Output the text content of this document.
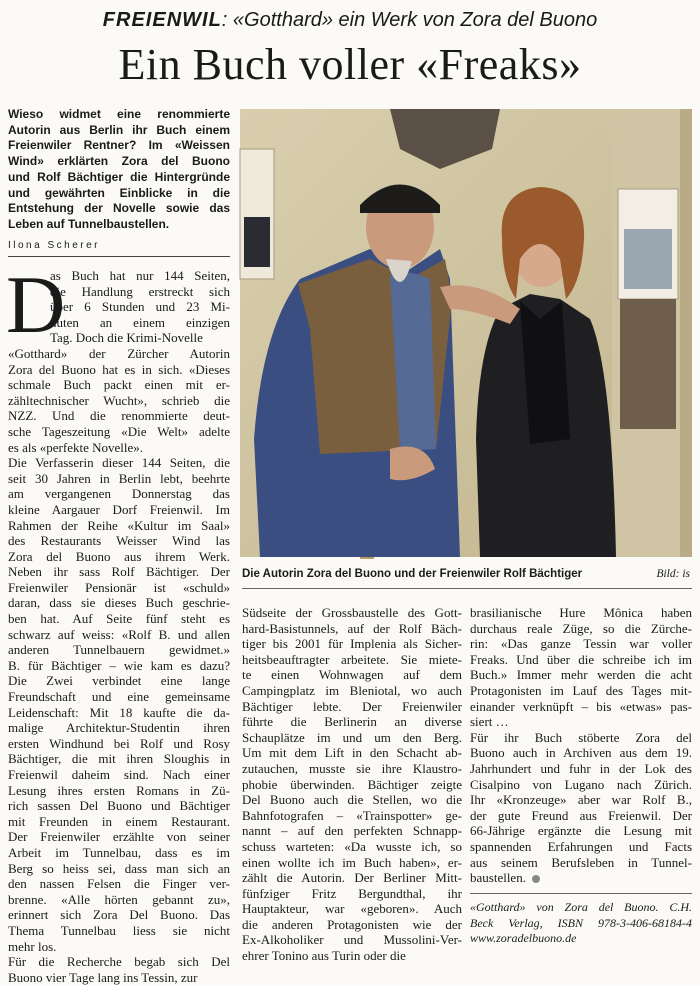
FREIENWIL: «Gotthard» ein Werk von Zora del Buono
Ein Buch voller «Freaks»
Wieso widmet eine renommierte
Autorin aus Berlin ihr Buch einem
Freienwiler Rentner? Im «Weissen
Wind» erklärten Zora del Buono
und Rolf Bächtiger die Hintergründe
und gewährten Einblicke in die
Entstehung der Novelle sowie das
Leben auf Tunnelbaustellen.
Ilona Scherer
D
as Buch hat nur 144 Seiten,
die Handlung erstreckt sich
über 6 Stunden und 23 Mi-
nuten an einem einzigen
Tag. Doch die Krimi-Novelle
«Gotthard» der Zürcher Autorin
Zora del Buono hat es in sich. «Dieses
schmale Buch packt einen mit er-
zähltechnischer Wucht», schrieb die
NZZ. Und die renommierte deut-
sche Tageszeitung «Die Welt» adelte
es als «perfekte Novelle».
Die Verfasserin dieser 144 Seiten, die
seit 30 Jahren in Berlin lebt, beehrte
am vergangenen Donnerstag das
kleine Aargauer Dorf Freienwil. Im
Rahmen der Reihe «Kultur im Saal»
des Restaurants Weisser Wind las
Zora del Buono aus ihrem Werk.
Neben ihr sass Rolf Bächtiger. Der
Freienwiler Pensionär ist «schuld»
daran, dass sie dieses Buch geschrie-
ben hat. Auf Seite fünf steht es
schwarz auf weiss: «Rolf B. und allen
anderen Tunnelbauern gewidmet.»
B. für Bächtiger – wie kam es dazu?
Die Zwei verbindet eine lange
Freundschaft und eine gemeinsame
Leidenschaft: Mit 18 kaufte die da-
malige Architektur-Studentin ihren
ersten Windhund bei Rolf und Rosy
Bächtiger, die mit ihren Sloughis in
Freienwil daheim sind. Nach einer
Lesung ihres ersten Romans in Zü-
rich sassen Del Buono und Bächtiger
mit Freunden in einem Restaurant.
Der Freienwiler erzählte von seiner
Arbeit im Tunnelbau, dass es im
Berg so heiss sei, dass man sich an
den nassen Felsen die Finger ver-
brenne. «Alle hörten gebannt zu»,
erinnert sich Zora Del Buono. Das
Thema Tunnelbau liess sie nicht
mehr los.
Für die Recherche begab sich Del
Buono vier Tage lang ins Tessin, zur
Die Autorin Zora del Buono und der Freienwiler Rolf Bächtiger	Bild: is
Südseite der Grossbaustelle des Gott-
hard-Basistunnels, auf der Rolf Bäch-
tiger bis 2001 für Implenia als Sicher-
heitsbeauftragter arbeitete. Sie miete-
te einen Wohnwagen auf dem
Campingplatz im Bleniotal, wo auch
Bächtiger lebte. Der Freienwiler
führte die Berlinerin an diverse
Schauplätze im und um den Berg.
Um mit dem Lift in den Schacht ab-
zutauchen, musste sie ihre Klaustro-
phobie überwinden. Bächtiger zeigte
Del Buono auch die Stellen, wo die
Bahnfotografen – «Trainspotter» ge-
nannt – auf den perfekten Schnapp-
schuss warteten: «Da wusste ich, so
einen wollte ich im Buch haben», er-
zählt die Autorin. Der Berliner Mitt-
fünfziger Fritz Bergundthal, ihr
Hauptakteur, war «geboren». Auch
die anderen Protagonisten wie der
Ex-Alkoholiker und Mussolini-Ver-
ehrer Tonino aus Turin oder die
brasilianische Hure Mônica haben
durchaus reale Züge, so die Zürche-
rin: «Das ganze Tessin war voller
Freaks. Und über die schreibe ich im
Buch.» Immer mehr werden die acht
Protagonisten im Lauf des Tages mit-
einander verknüpft – bis «etwas» pas-
siert …
Für ihr Buch stöberte Zora del
Buono auch in Archiven aus dem 19.
Jahrhundert und fuhr in der Lok des
Cisalpino von Lugano nach Zürich.
Ihr «Kronzeuge» aber war Rolf B.,
der gute Freund aus Freienwil. Der
66-Jährige ergänzte die Lesung mit
spannenden Erfahrungen und Facts
aus seinem Berufsleben in Tunnel-
baustellen.
«Gotthard» von Zora del Buono. C.H.
Beck Verlag, ISBN 978-3-406-68184-4
www.zoradelbuono.de
